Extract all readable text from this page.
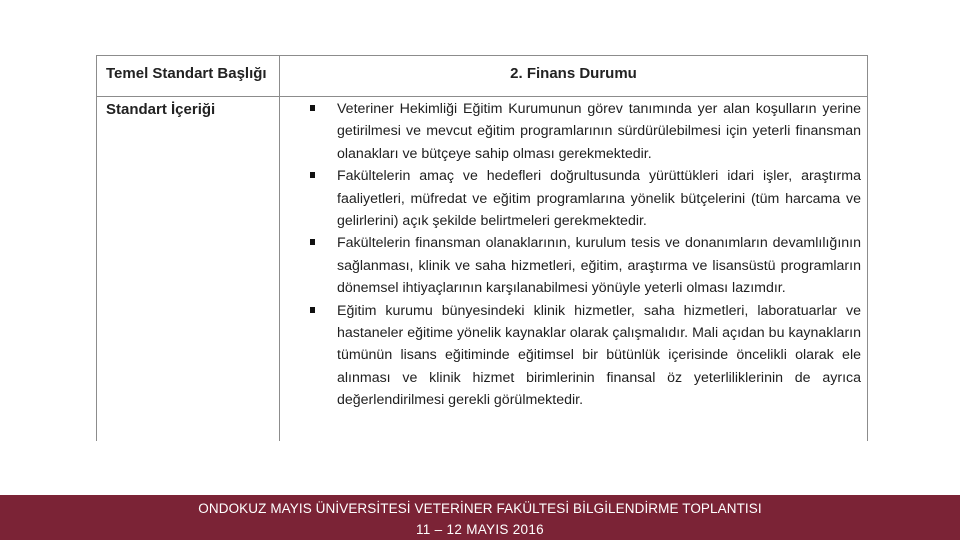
Temel Standart Başlığı	2. Finans Durumu
Standart İçeriği	Veteriner Hekimliği Eğitim Kurumunun görev tanımında yer alan koşulların yerine getirilmesi ve mevcut eğitim programlarının sürdürülebilmesi için yeterli finansman olanakları ve bütçeye sahip olması gerekmektedir.
Fakültelerin amaç ve hedefleri doğrultusunda yürüttükleri idari işler, araştırma faaliyetleri, müfredat ve eğitim programlarına yönelik bütçelerini (tüm harcama ve gelirlerini) açık şekilde belirtmeleri gerekmektedir.
Fakültelerin finansman olanaklarının, kurulum tesis ve donanımların devamlılığının sağlanması, klinik ve saha hizmetleri, eğitim, araştırma ve lisansüstü programların dönemsel ihtiyaçlarının karşılanabilmesi yönüyle yeterli olması lazımdır.
Eğitim kurumu bünyesindeki klinik hizmetler, saha hizmetleri, laboratuarlar ve hastaneler eğitime yönelik kaynaklar olarak çalışmalıdır. Mali açıdan bu kaynakların tümünün lisans eğitiminde eğitimsel bir bütünlük içerisinde öncelikli olarak ele alınması ve klinik hizmet birimlerinin finansal öz yeterliliklerinin de ayrıca değerlendirilmesi gerekli görülmektedir.
ONDOKUZ MAYIS ÜNİVERSİTESİ VETERİNER FAKÜLTESİ BİLGİLENDİRME TOPLANTISI
11 – 12 MAYIS 2016
